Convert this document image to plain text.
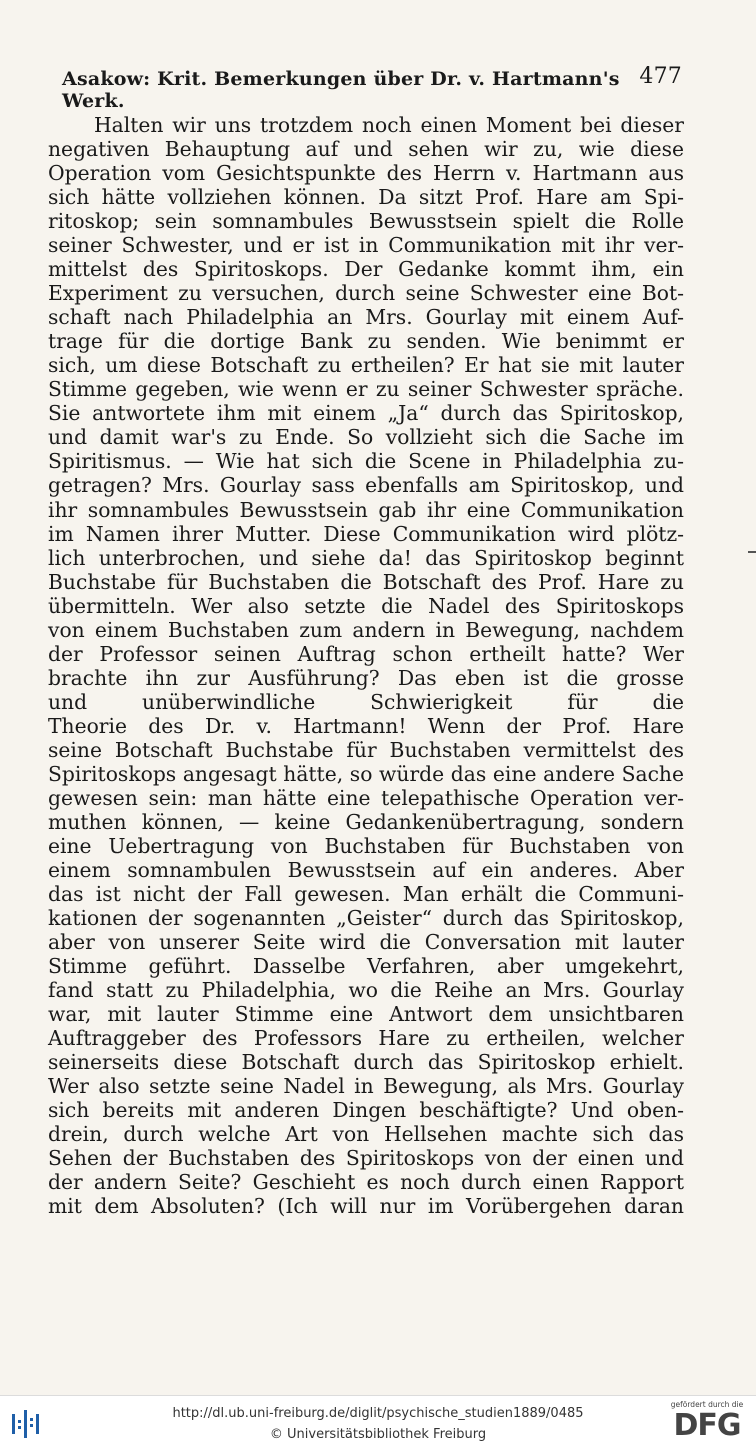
Asakow: Krit. Bemerkungen über Dr. v. Hartmann's Werk.
477
Halten wir uns trotzdem noch einen Moment bei dieser
negativen Behauptung auf und sehen wir zu, wie diese
Operation vom Gesichtspunkte des Herrn v. Hartmann aus
sich hätte vollziehen können. Da sitzt Prof. Hare am Spi-
ritoskop; sein somnambules Bewusstsein spielt die Rolle
seiner Schwester, und er ist in Communikation mit ihr ver-
mittelst des Spiritoskops. Der Gedanke kommt ihm, ein
Experiment zu versuchen, durch seine Schwester eine Bot-
schaft nach Philadelphia an Mrs. Gourlay mit einem Auf-
trage für die dortige Bank zu senden. Wie benimmt er
sich, um diese Botschaft zu ertheilen? Er hat sie mit lauter
Stimme gegeben, wie wenn er zu seiner Schwester spräche.
Sie antwortete ihm mit einem „Ja“ durch das Spiritoskop,
und damit war's zu Ende. So vollzieht sich die Sache im
Spiritismus. — Wie hat sich die Scene in Philadelphia zu-
getragen? Mrs. Gourlay sass ebenfalls am Spiritoskop, und
ihr somnambules Bewusstsein gab ihr eine Communikation
im Namen ihrer Mutter. Diese Communikation wird plötz-
lich unterbrochen, und siehe da! das Spiritoskop beginnt
Buchstabe für Buchstaben die Botschaft des Prof. Hare zu
übermitteln. Wer also setzte die Nadel des Spiritoskops
von einem Buchstaben zum andern in Bewegung, nachdem
der Professor seinen Auftrag schon ertheilt hatte? Wer
brachte ihn zur Ausführung? Das eben ist die grosse
und unüberwindliche Schwierigkeit für die
Theorie des Dr. v. Hartmann! Wenn der Prof. Hare
seine Botschaft Buchstabe für Buchstaben vermittelst des
Spiritoskops angesagt hätte, so würde das eine andere Sache
gewesen sein: man hätte eine telepathische Operation ver-
muthen können, — keine Gedankenübertragung, sondern
eine Uebertragung von Buchstaben für Buchstaben von
einem somnambulen Bewusstsein auf ein anderes. Aber
das ist nicht der Fall gewesen. Man erhält die Communi-
kationen der sogenannten „Geister“ durch das Spiritoskop,
aber von unserer Seite wird die Conversation mit lauter
Stimme geführt. Dasselbe Verfahren, aber umgekehrt,
fand statt zu Philadelphia, wo die Reihe an Mrs. Gourlay
war, mit lauter Stimme eine Antwort dem unsichtbaren
Auftraggeber des Professors Hare zu ertheilen, welcher
seinerseits diese Botschaft durch das Spiritoskop erhielt.
Wer also setzte seine Nadel in Bewegung, als Mrs. Gourlay
sich bereits mit anderen Dingen beschäftigte? Und oben-
drein, durch welche Art von Hellsehen machte sich das
Sehen der Buchstaben des Spiritoskops von der einen und
der andern Seite? Geschieht es noch durch einen Rapport
mit dem Absoluten? (Ich will nur im Vorübergehen daran
http://dl.ub.uni-freiburg.de/diglit/psychische_studien1889/0485
© Universitätsbibliothek Freiburg
gefördert durch die
DFG
